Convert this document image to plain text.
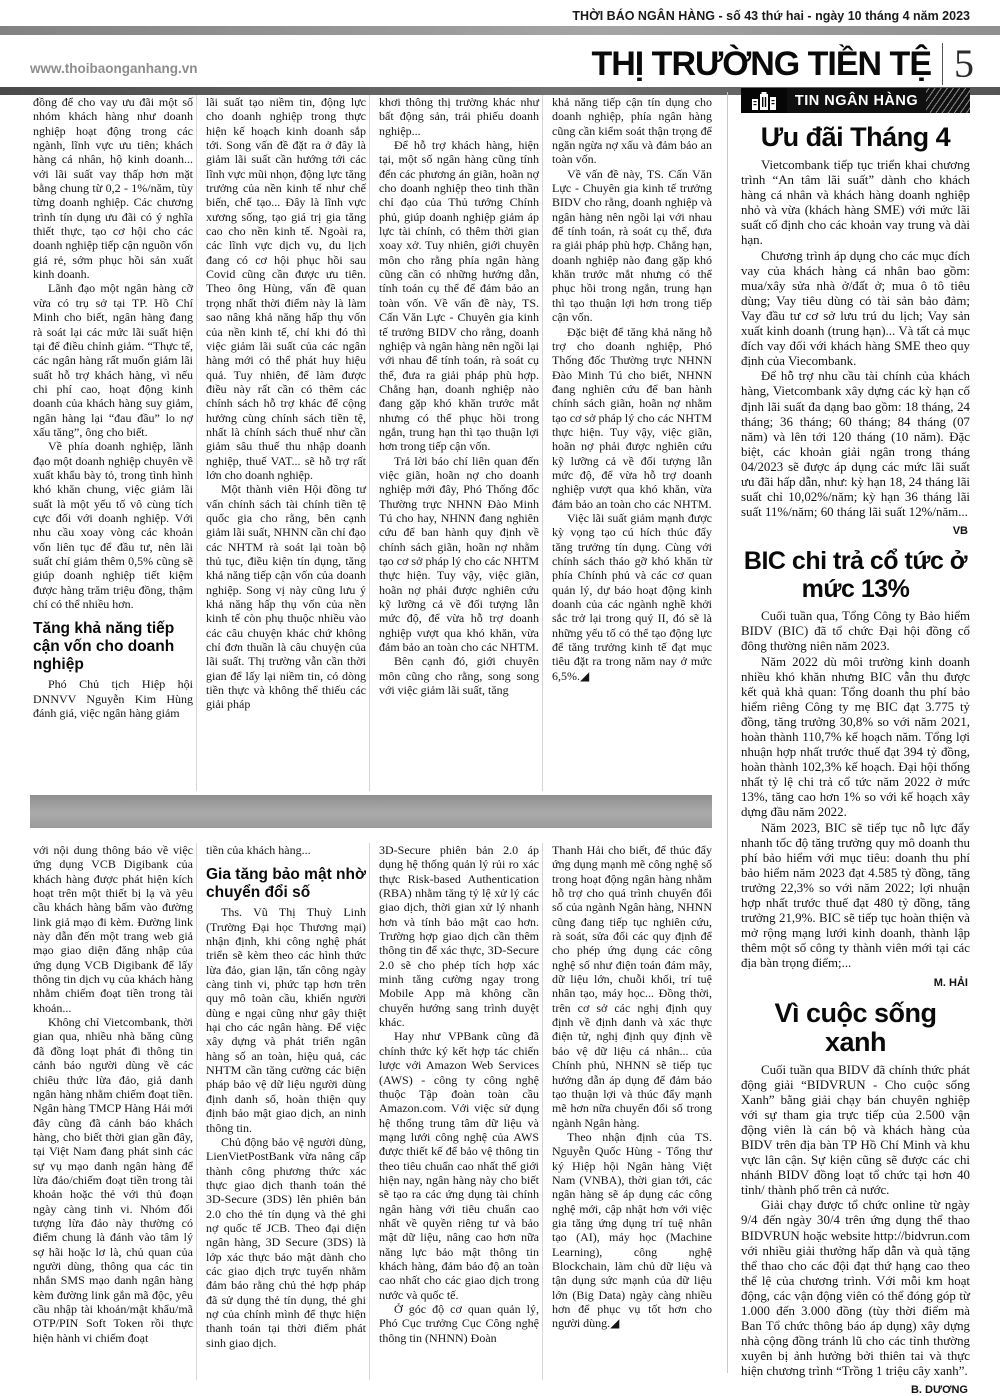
THỜI BÁO NGÂN HÀNG - số 43 thứ hai - ngày 10 tháng 4 năm 2023
www.thoibaonganhang.vn	THỊ TRƯỜNG TIỀN TỆ 5

đồng để cho vay ưu đãi một số nhóm khách hàng như doanh nghiệp hoạt động trong các ngành, lĩnh vực ưu tiên; khách hàng cá nhân, hộ kinh doanh... với lãi suất vay thấp hơn mặt bằng chung từ 0,2 - 1%/năm, tùy từng doanh nghiệp. Các chương trình tín dụng ưu đãi có ý nghĩa thiết thực, tạo cơ hội cho các doanh nghiệp tiếp cận nguồn vốn giá rẻ, sớm phục hồi sản xuất kinh doanh.

Lãnh đạo một ngân hàng cỡ vừa có trụ sở tại TP. Hồ Chí Minh cho biết, ngân hàng đang rà soát lại các mức lãi suất hiện tại để điều chỉnh giảm. “Thực tế, các ngân hàng rất muốn giảm lãi suất hỗ trợ khách hàng, vì nếu chi phí cao, hoạt động kinh doanh của khách hàng suy giảm, ngân hàng lại “đau đầu” lo nợ xấu tăng”, ông cho biết.

Về phía doanh nghiệp, lãnh đạo một doanh nghiệp chuyên về xuất khẩu bày tỏ, trong tình hình khó khăn chung, việc giảm lãi suất là một yếu tố vô cùng tích cực đối với doanh nghiệp. Với nhu cầu xoay vòng các khoản vốn liên tục để đầu tư, nên lãi suất chỉ giảm thêm 0,5% cũng sẽ giúp doanh nghiệp tiết kiệm được hàng trăm triệu đồng, thậm chí có thể nhiều hơn.

Tăng khả năng tiếp cận vốn cho doanh nghiệp

Phó Chủ tịch Hiệp hội DNNVV Nguyễn Kim Hùng đánh giá, việc ngân hàng giảm

lãi suất tạo niềm tin, động lực cho doanh nghiệp trong thực hiện kế hoạch kinh doanh sắp tới. Song vấn đề đặt ra ở đây là giảm lãi suất cần hướng tới các lĩnh vực mũi nhọn, động lực tăng trưởng của nền kinh tế như chế biến, chế tạo... Đây là lĩnh vực xương sống, tạo giá trị gia tăng cao cho nền kinh tế. Ngoài ra, các lĩnh vực dịch vụ, du lịch đang có cơ hội phục hồi sau Covid cũng cần được ưu tiên. Theo ông Hùng, vấn đề quan trọng nhất thời điểm này là làm sao nâng khả năng hấp thụ vốn của nền kinh tế, chỉ khi đó thì việc giảm lãi suất của các ngân hàng mới có thể phát huy hiệu quả. Tuy nhiên, để làm được điều này rất cần có thêm các chính sách hỗ trợ khác để cộng hưởng cùng chính sách tiền tệ, nhất là chính sách thuế như cần giảm sâu thuế thu nhập doanh nghiệp, thuế VAT... sẽ hỗ trợ rất lớn cho doanh nghiệp.

Một thành viên Hội đồng tư vấn chính sách tài chính tiền tệ quốc gia cho rằng, bên cạnh giảm lãi suất, NHNN cần chỉ đạo các NHTM rà soát lại toàn bộ thủ tục, điều kiện tín dụng, tăng khả năng tiếp cận vốn của doanh nghiệp. Song vị này cũng lưu ý khả năng hấp thụ vốn của nền kinh tế còn phụ thuộc nhiều vào các câu chuyện khác chứ không chỉ đơn thuần là câu chuyện của lãi suất. Thị trường vẫn cần thời gian để lấy lại niềm tin, có dòng tiền thực và không thể thiếu các giải pháp

khơi thông thị trường khác như bất động sản, trái phiếu doanh nghiệp...

Để hỗ trợ khách hàng, hiện tại, một số ngân hàng cũng tính đến các phương án giãn, hoãn nợ cho doanh nghiệp theo tinh thần chỉ đạo của Thủ tướng Chính phủ, giúp doanh nghiệp giảm áp lực tài chính, có thêm thời gian xoay xở. Tuy nhiên, giới chuyên môn cho rằng phía ngân hàng cũng cần có những hướng dẫn, tính toán cụ thể để đảm bảo an toàn vốn. Về vấn đề này, TS. Cấn Văn Lực - Chuyên gia kinh tế trưởng BIDV cho rằng, doanh nghiệp và ngân hàng nên ngồi lại với nhau để tính toán, rà soát cụ thể, đưa ra giải pháp phù hợp. Chẳng hạn, doanh nghiệp nào đang gặp khó khăn trước mắt nhưng có thể phục hồi trong ngắn, trung hạn thì tạo thuận lợi hơn trong tiếp cận vốn.

Trả lời báo chí liên quan đến việc giãn, hoãn nợ cho doanh nghiệp mới đây, Phó Thống đốc Thường trực NHNN Đào Minh Tú cho hay, NHNN đang nghiên cứu để ban hành quy định về chính sách giãn, hoãn nợ nhằm tạo cơ sở pháp lý cho các NHTM thực hiện. Tuy vậy, việc giãn, hoãn nợ phải được nghiên cứu kỹ lưỡng cả về đối tượng lẫn mức độ, để vừa hỗ trợ doanh nghiệp vượt qua khó khăn, vừa đảm bảo an toàn cho các NHTM.

Bên cạnh đó, giới chuyên môn cũng cho rằng, song song với việc giảm lãi suất, tăng

khả năng tiếp cận tín dụng cho doanh nghiệp, phía ngân hàng cũng cần kiểm soát thận trọng để ngăn ngừa nợ xấu và đảm bảo an toàn vốn.

Về vấn đề này, TS. Cấn Văn Lực - Chuyên gia kinh tế trưởng BIDV cho rằng, doanh nghiệp và ngân hàng nên ngồi lại với nhau để tính toán, rà soát cụ thể, đưa ra giải pháp phù hợp. Chẳng hạn, doanh nghiệp nào đang gặp khó khăn trước mắt nhưng có thể phục hồi trong ngắn, trung hạn thì tạo thuận lợi hơn trong tiếp cận vốn.

Đặc biệt để tăng khả năng hỗ trợ cho doanh nghiệp, Phó Thống đốc Thường trực NHNN Đào Minh Tú cho biết, NHNN đang nghiên cứu để ban hành chính sách giãn, hoãn nợ nhằm tạo cơ sở pháp lý cho các NHTM thực hiện. Tuy vậy, việc giãn, hoãn nợ phải được nghiên cứu kỹ lưỡng cả về đối tượng lẫn mức độ, để vừa hỗ trợ doanh nghiệp vượt qua khó khăn, vừa đảm bảo an toàn cho các NHTM.

Việc lãi suất giảm mạnh được kỳ vọng tạo cú hích thúc đẩy tăng trưởng tín dụng. Cùng với chính sách tháo gỡ khó khăn từ phía Chính phủ và các cơ quan quản lý, dự báo hoạt động kinh doanh của các ngành nghề khởi sắc trở lại trong quý II, đó sẽ là những yếu tố có thể tạo động lực để tăng trưởng kinh tế đạt mục tiêu đặt ra trong năm nay ở mức 6,5%.◢

với nội dung thông báo về việc ứng dụng VCB Digibank của khách hàng được phát hiện kích hoạt trên một thiết bị lạ và yêu cầu khách hàng bấm vào đường link giả mạo đi kèm. Đường link này dẫn đến một trang web giả mạo giao diện đăng nhập của ứng dụng VCB Digibank để lấy thông tin dịch vụ của khách hàng nhằm chiếm đoạt tiền trong tài khoản...

Không chỉ Vietcombank, thời gian qua, nhiều nhà băng cũng đã đồng loạt phát đi thông tin cảnh báo người dùng về các chiêu thức lừa đảo, giả danh ngân hàng nhằm chiếm đoạt tiền. Ngân hàng TMCP Hàng Hải mới đây cũng đã cảnh báo khách hàng, cho biết thời gian gần đây, tại Việt Nam đang phát sinh các sự vụ mạo danh ngân hàng để lừa đảo/chiếm đoạt tiền trong tài khoản hoặc thẻ với thủ đoạn ngày càng tinh vi. Nhóm đối tượng lừa đảo này thường có điểm chung là đánh vào tâm lý sợ hãi hoặc lơ là, chủ quan của người dùng, thông qua các tin nhắn SMS mạo danh ngân hàng kèm đường link gắn mã độc, yêu cầu nhập tài khoản/mật khẩu/mã OTP/PIN Soft Token rồi thực hiện hành vi chiếm đoạt

tiền của khách hàng...

Gia tăng bảo mật nhờ chuyển đổi số

Ths. Vũ Thị Thuỳ Linh (Trường Đại học Thương mại) nhận định, khi công nghệ phát triển sẽ kèm theo các hình thức lừa đảo, gian lận, tấn công ngày càng tinh vi, phức tạp hơn trên quy mô toàn cầu, khiến người dùng e ngại cũng như gây thiệt hại cho các ngân hàng. Để việc xây dựng và phát triển ngân hàng số an toàn, hiệu quả, các NHTM cần tăng cường các biện pháp bảo vệ dữ liệu người dùng định danh số, hoàn thiện quy định bảo mật giao dịch, an ninh thông tin.

Chủ động bảo vệ người dùng, LienVietPostBank vừa nâng cấp thành công phương thức xác thực giao dịch thanh toán thẻ 3D-Secure (3DS) lên phiên bản 2.0 cho thẻ tín dụng và thẻ ghi nợ quốc tế JCB. Theo đại diện ngân hàng, 3D Secure (3DS) là lớp xác thực bảo mật dành cho các giao dịch trực tuyến nhằm đảm bảo rằng chủ thẻ hợp pháp đã sử dụng thẻ tín dụng, thẻ ghi nợ của chính mình để thực hiện thanh toán tại thời điểm phát sinh giao dịch.

3D-Secure phiên bản 2.0 áp dụng hệ thống quản lý rủi ro xác thực Risk-based Authentication (RBA) nhằm tăng tỷ lệ xử lý các giao dịch, thời gian xử lý nhanh hơn và tính bảo mật cao hơn. Trường hợp giao dịch cần thêm thông tin để xác thực, 3D-Secure 2.0 sẽ cho phép tích hợp xác minh tăng cường ngay trong Mobile App mà không cần chuyển hướng sang trình duyệt khác.

Hay như VPBank cũng đã chính thức ký kết hợp tác chiến lược với Amazon Web Services (AWS) - công ty công nghệ thuộc Tập đoàn toàn cầu Amazon.com. Với việc sử dụng hệ thống trung tâm dữ liệu và mạng lưới công nghệ của AWS được thiết kế để bảo vệ thông tin theo tiêu chuẩn cao nhất thế giới hiện nay, ngân hàng này cho biết sẽ tạo ra các ứng dụng tài chính ngân hàng với tiêu chuẩn cao nhất về quyền riêng tư và bảo mật dữ liệu, nâng cao hơn nữa năng lực bảo mật thông tin khách hàng, đảm bảo độ an toàn cao nhất cho các giao dịch trong nước và quốc tế.

Ở góc độ cơ quan quản lý, Phó Cục trưởng Cục Công nghệ thông tin (NHNN) Đoàn

Thanh Hải cho biết, để thúc đẩy ứng dụng mạnh mẽ công nghệ số trong hoạt động ngân hàng nhằm hỗ trợ cho quá trình chuyển đổi số của ngành Ngân hàng, NHNN cũng đang tiếp tục nghiên cứu, rà soát, sửa đổi các quy định để cho phép ứng dụng các công nghệ số như điện toán đám mây, dữ liệu lớn, chuỗi khối, trí tuệ nhân tạo, máy học... Đồng thời, trên cơ sở các nghị định quy định về định danh và xác thực điện tử, nghị định quy định về bảo vệ dữ liệu cá nhân... của Chính phủ, NHNN sẽ tiếp tục hướng dẫn áp dụng để đảm bảo tạo thuận lợi và thúc đẩy mạnh mẽ hơn nữa chuyển đổi số trong ngành Ngân hàng.

Theo nhận định của TS. Nguyễn Quốc Hùng - Tổng thư ký Hiệp hội Ngân hàng Việt Nam (VNBA), thời gian tới, các ngân hàng sẽ áp dụng các công nghệ mới, cập nhật hơn với việc gia tăng ứng dụng trí tuệ nhân tạo (AI), máy học (Machine Learning), công nghệ Blockchain, làm chủ dữ liệu và tận dụng sức mạnh của dữ liệu lớn (Big Data) ngày càng nhiều hơn để phục vụ tốt hơn cho người dùng.◢

TIN NGÂN HÀNG
Ưu đãi Tháng 4

Vietcombank tiếp tục triển khai chương trình “An tâm lãi suất” dành cho khách hàng cá nhân và khách hàng doanh nghiệp nhỏ và vừa (khách hàng SME) với mức lãi suất cố định cho các khoản vay trung và dài hạn.

Chương trình áp dụng cho các mục đích vay của khách hàng cá nhân bao gồm: mua/xây sửa nhà ở/đất ở; mua ô tô tiêu dùng; Vay tiêu dùng có tài sản bảo đảm; Vay đầu tư cơ sở lưu trú du lịch; Vay sản xuất kinh doanh (trung hạn)... Và tất cả mục đích vay đối với khách hàng SME theo quy định của Viecombank.

Để hỗ trợ nhu cầu tài chính của khách hàng, Vietcombank xây dựng các kỳ hạn cố định lãi suất đa dạng bao gồm: 18 tháng, 24 tháng; 36 tháng; 60 tháng; 84 tháng (07 năm) và lên tới 120 tháng (10 năm). Đặc biệt, các khoản giải ngân trong tháng 04/2023 sẽ được áp dụng các mức lãi suất ưu đãi hấp dẫn, như: kỳ hạn 18, 24 tháng lãi suất chỉ 10,02%/năm; kỳ hạn 36 tháng lãi suất 11%/năm; 60 tháng lãi suất 12%/năm...

VB
BIC chi trả cổ tức ở mức 13%

Cuối tuần qua, Tổng Công ty Bảo hiểm BIDV (BIC) đã tổ chức Đại hội đồng cổ đông thường niên năm 2023.

Năm 2022 dù môi trường kinh doanh nhiều khó khăn nhưng BIC vẫn thu được kết quả khả quan: Tổng doanh thu phí bảo hiểm riêng Công ty mẹ BIC đạt 3.775 tỷ đồng, tăng trưởng 30,8% so với năm 2021, hoàn thành 110,7% kế hoạch năm. Tổng lợi nhuận hợp nhất trước thuế đạt 394 tỷ đồng, hoàn thành 102,3% kế hoạch. Đại hội thống nhất tỷ lệ chi trả cổ tức năm 2022 ở mức 13%, tăng cao hơn 1% so với kế hoạch xây dựng đầu năm 2022.

Năm 2023, BIC sẽ tiếp tục nỗ lực đẩy nhanh tốc độ tăng trưởng quy mô doanh thu phí bảo hiểm với mục tiêu: doanh thu phí bảo hiểm năm 2023 đạt 4.585 tỷ đồng, tăng trưởng 22,3% so với năm 2022; lợi nhuận hợp nhất trước thuế đạt 480 tỷ đồng, tăng trưởng 21,9%. BIC sẽ tiếp tục hoàn thiện và mở rộng mạng lưới kinh doanh, thành lập thêm một số công ty thành viên mới tại các địa bàn trọng điểm;...

M. HẢI
Vì cuộc sống xanh

Cuối tuần qua BIDV đã chính thức phát động giải “BIDVRUN - Cho cuộc sống Xanh” bằng giải chạy bán chuyên nghiệp với sự tham gia trực tiếp của 2.500 vận động viên là cán bộ và khách hàng của BIDV trên địa bàn TP Hồ Chí Minh và khu vực lân cận. Sự kiện cũng sẽ được các chi nhánh BIDV đồng loạt tổ chức tại hơn 40 tỉnh/ thành phố trên cả nước.

Giải chạy được tổ chức online từ ngày 9/4 đến ngày 30/4 trên ứng dụng thể thao BIDVRUN hoặc website http://bidvrun.com với nhiều giải thưởng hấp dẫn và quà tặng thể thao cho các đội đạt thứ hạng cao theo thể lệ của chương trình. Với mỗi km hoạt động, các vận động viên có thể đóng góp từ 1.000 đến 3.000 đồng (tùy thời điểm mà Ban Tổ chức thông báo áp dụng) xây dựng nhà cộng đồng tránh lũ cho các tỉnh thường xuyên bị ảnh hưởng bởi thiên tai và thực hiện chương trình “Trồng 1 triệu cây xanh”.

B. DƯƠNG
